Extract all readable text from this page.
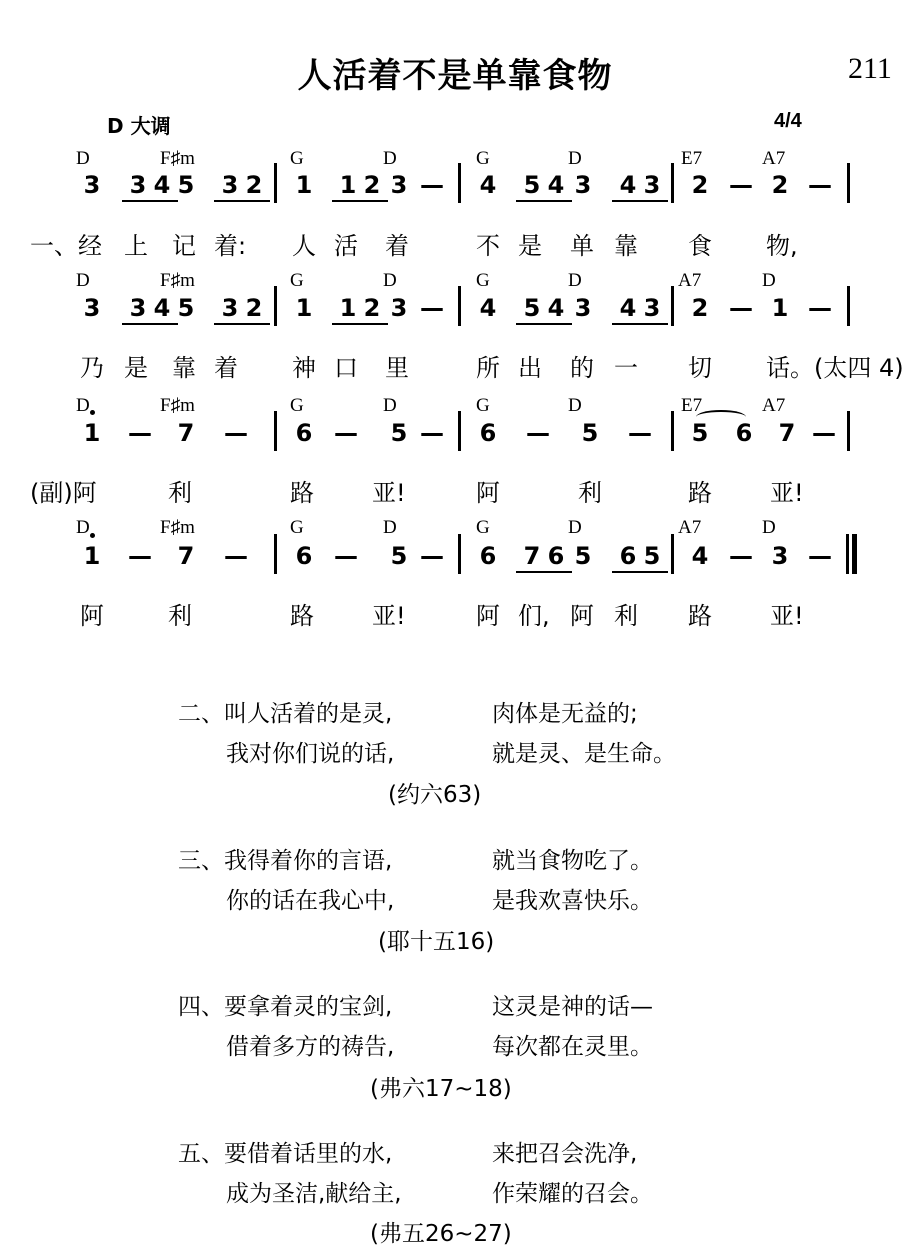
人活着不是单靠食物	211
D 大调	4/4
D	F♯m	G	D	G	D	E7	A7
3	3 4 5	3 2	1	1 2 3 — 4	5 4 3	4 3	2 — 2 —
一、经 上 记 着: 人 活 着	不 是 单 靠 食 物,
D	F♯m	G	D	G	D	A7	D
3	3 4 5	3 2	1	1 2 3 — 4	5 4 3	4 3	2 — 1 —
乃 是 靠 着 神 口 里	所 出 的 一 切 话。(太四 4)
D	F♯m	G	D	G	D	E7	A7
1 — 7 — 6 — 5 — 6 — 5 — 5 6 7 —
(副)阿	利	路 亚!	阿	利	路 亚!
D	F♯m	G	D	G	D	A7	D
1 — 7 — 6 — 5 — 6	7 6 5	6 5	4 — 3 —
阿	利	路 亚!	阿 们, 阿 利 路 亚!
二、叫人活着的是灵,	肉体是无益的;
我对你们说的话,	就是灵、是生命。
(约六63)
三、我得着你的言语,	就当食物吃了。
你的话在我心中,	是我欢喜快乐。
(耶十五16)
四、要拿着灵的宝剑,	这灵是神的话—
借着多方的祷告,	每次都在灵里。
(弗六17~18)
五、要借着话里的水,	来把召会洗净,
成为圣洁,献给主,	作荣耀的召会。
(弗五26~27)
